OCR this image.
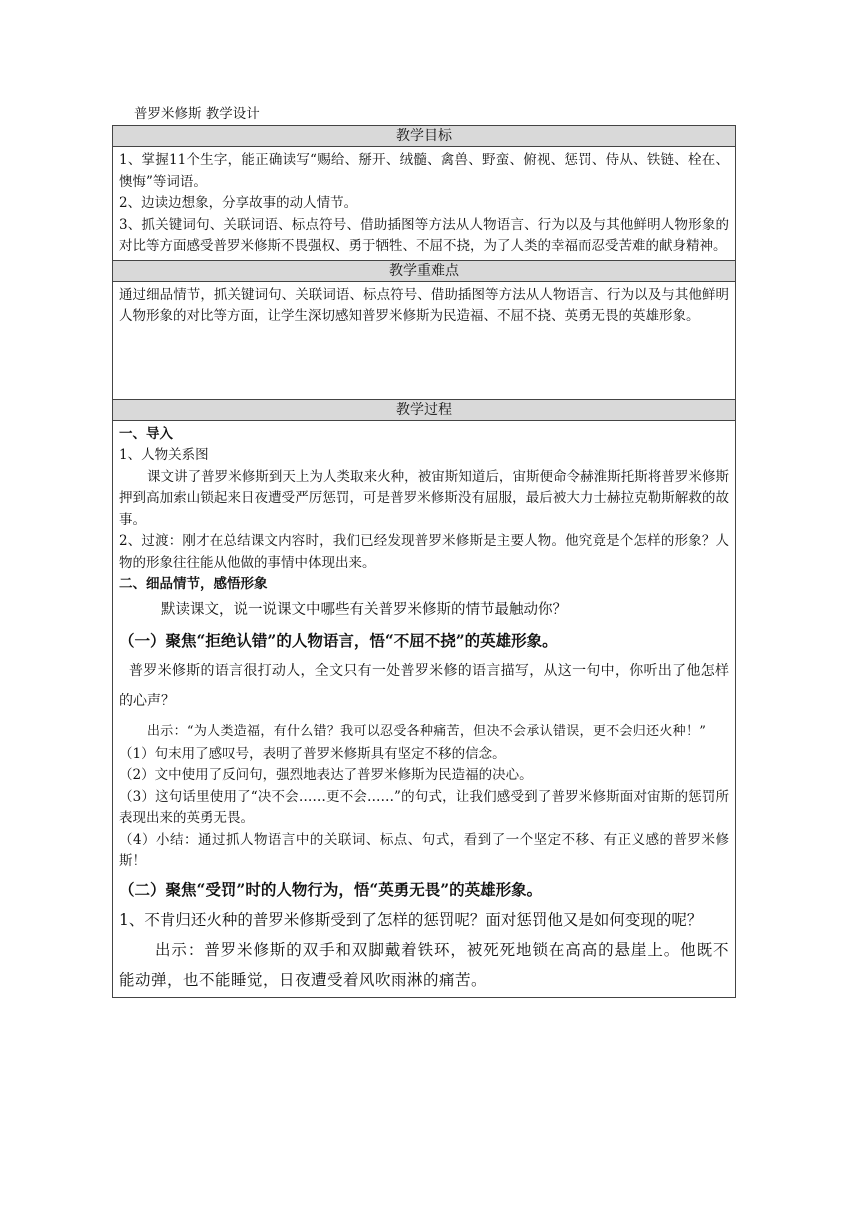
普罗米修斯 教学设计
教学目标

1、掌握11个生字，能正确读写“赐给、掰开、绒髓、禽兽、野蛮、俯视、惩罚、侍从、铁链、栓在、懊悔”等词语。

2、边读边想象，分享故事的动人情节。

3、抓关键词句、关联词语、标点符号、借助插图等方法从人物语言、行为以及与其他鲜明人物形象的对比等方面感受普罗米修斯不畏强权、勇于牺牲、不屈不挠，为了人类的幸福而忍受苦难的献身精神。

教学重难点

通过细品情节，抓关键词句、关联词语、标点符号、借助插图等方法从人物语言、行为以及与其他鲜明人物形象的对比等方面，让学生深切感知普罗米修斯为民造福、不屈不挠、英勇无畏的英雄形象。

教学过程

一、导入

1、人物关系图

课文讲了普罗米修斯到天上为人类取来火种，被宙斯知道后，宙斯便命令赫淮斯托斯将普罗米修斯押到高加索山锁起来日夜遭受严厉惩罚，可是普罗米修斯没有屈服，最后被大力士赫拉克勒斯解救的故事。

2、过渡：刚才在总结课文内容时，我们已经发现普罗米修斯是主要人物。他究竟是个怎样的形象？人物的形象往往能从他做的事情中体现出来。

二、细品情节，感悟形象

默读课文，说一说课文中哪些有关普罗米修斯的情节最触动你？

（一）聚焦“拒绝认错”的人物语言，悟“不屈不挠”的英雄形象。

普罗米修斯的语言很打动人，全文只有一处普罗米修的语言描写，从这一句中，你听出了他怎样的心声？

出示：“为人类造福，有什么错？我可以忍受各种痛苦，但决不会承认错误，更不会归还火种！”

（1）句末用了感叹号，表明了普罗米修斯具有坚定不移的信念。

（2）文中使用了反问句，强烈地表达了普罗米修斯为民造福的决心。

（3）这句话里使用了“决不会……更不会……”的句式，让我们感受到了普罗米修斯面对宙斯的惩罚所表现出来的英勇无畏。

（4）小结：通过抓人物语言中的关联词、标点、句式，看到了一个坚定不移、有正义感的普罗米修斯！

（二）聚焦“受罚”时的人物行为，悟“英勇无畏”的英雄形象。

1、不肯归还火种的普罗米修斯受到了怎样的惩罚呢？面对惩罚他又是如何变现的呢？

出示：普罗米修斯的双手和双脚戴着铁环，被死死地锁在高高的悬崖上。他既不能动弹，也不能睡觉，日夜遭受着风吹雨淋的痛苦。
